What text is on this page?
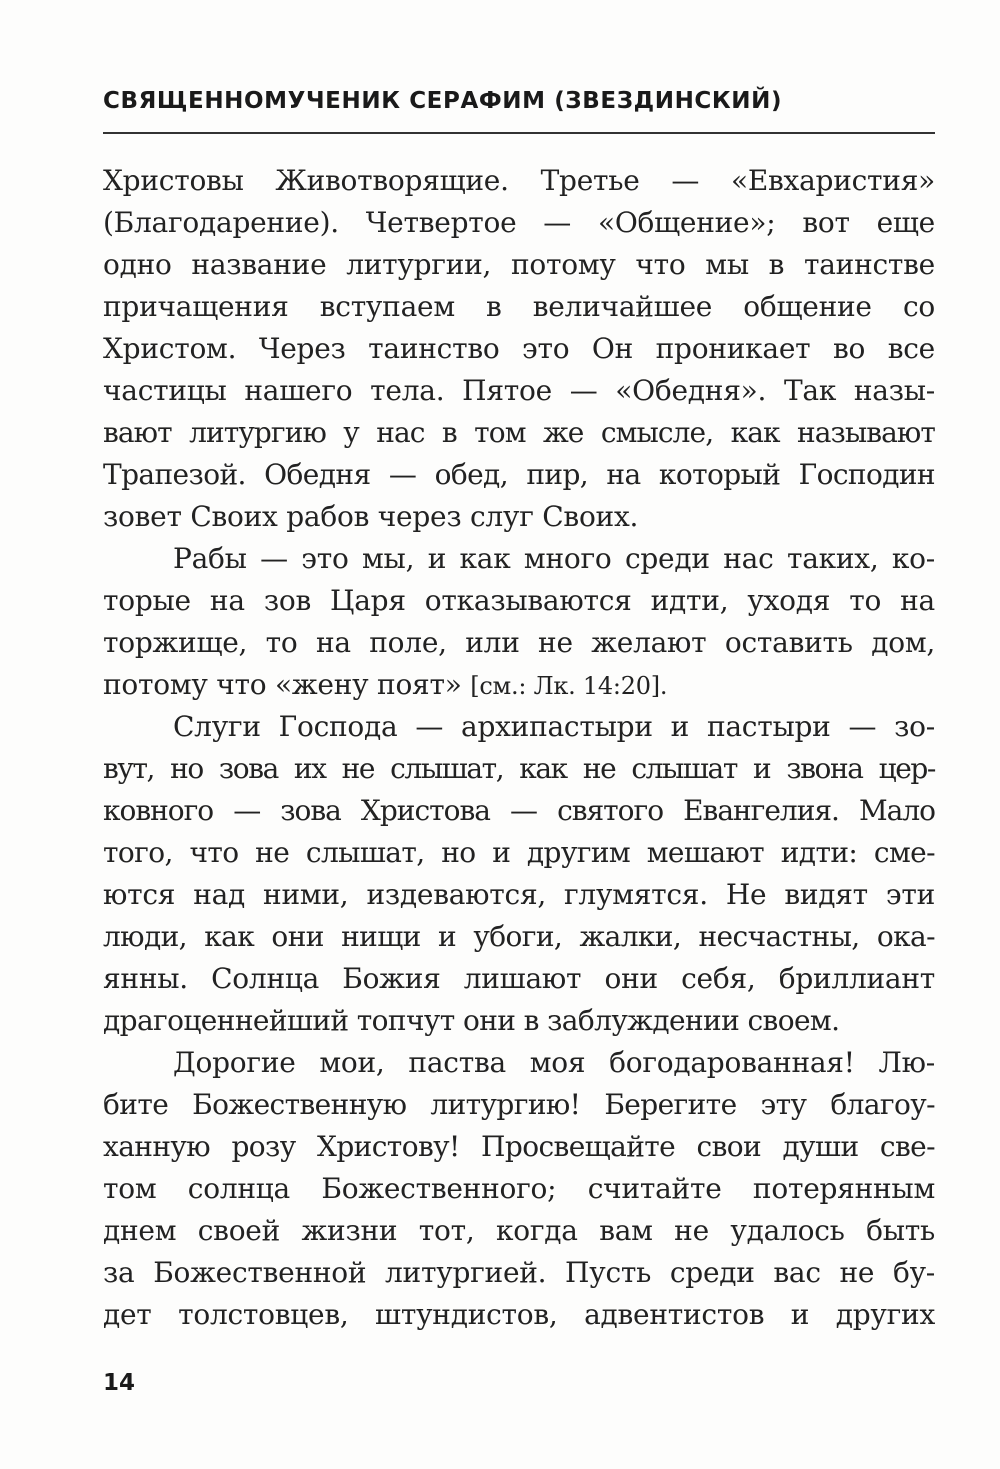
СВЯЩЕННОМУЧЕНИК СЕРАФИМ (ЗВЕЗДИНСКИЙ)
Христовы Животворящие. Третье — «Евхаристия»
(Благодарение). Четвертое — «Общение»; вот еще
одно название литургии, потому что мы в таинстве
причащения вступаем в величайшее общение со
Христом. Через таинство это Он проникает во все
частицы нашего тела. Пятое — «Обедня». Так назы-
вают литургию у нас в том же смысле, как называют
Трапезой. Обедня — обед, пир, на который Господин
зовет Своих рабов через слуг Своих.
Рабы — это мы, и как много среди нас таких, ко-
торые на зов Царя отказываются идти, уходя то на
торжище, то на поле, или не желают оставить дом,
потому что «жену поят» [см.: Лк. 14:20].
Слуги Господа — архипастыри и пастыри — зо-
вут, но зова их не слышат, как не слышат и звона цер-
ковного — зова Христова — святого Евангелия. Мало
того, что не слышат, но и другим мешают идти: сме-
ются над ними, издеваются, глумятся. Не видят эти
люди, как они нищи и убоги, жалки, несчастны, ока-
янны. Солнца Божия лишают они себя, бриллиант
драгоценнейший топчут они в заблуждении своем.
Дорогие мои, паства моя богодарованная! Лю-
бите Божественную литургию! Берегите эту благоу-
ханную розу Христову! Просвещайте свои души све-
том солнца Божественного; считайте потерянным
днем своей жизни тот, когда вам не удалось быть
за Божественной литургией. Пусть среди вас не бу-
дет толстовцев, штундистов, адвентистов и других
14
